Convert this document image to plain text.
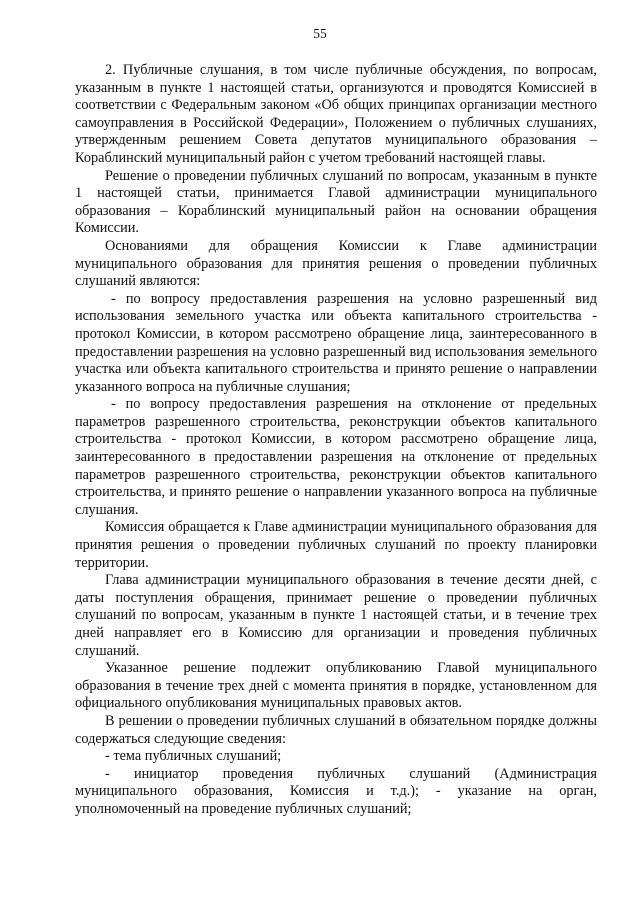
55

2. Публичные слушания, в том числе публичные обсуждения, по вопросам, указанным в пункте 1 настоящей статьи, организуются и проводятся Комиссией в соответствии с Федеральным законом «Об общих принципах организации местного самоуправления в Российской Федерации», Положением о публичных слушаниях, утвержденным решением Совета депутатов муниципального образования – Кораблинский муниципальный район с учетом требований настоящей главы.

Решение о проведении публичных слушаний по вопросам, указанным в пункте 1 настоящей статьи, принимается Главой администрации муниципального образования – Кораблинский муниципальный район на основании обращения Комиссии.

Основаниями для обращения Комиссии к Главе администрации муниципального образования для принятия решения о проведении публичных слушаний являются:

- по вопросу предоставления разрешения на условно разрешенный вид использования земельного участка или объекта капитального строительства - протокол Комиссии, в котором рассмотрено обращение лица, заинтересованного в предоставлении разрешения на условно разрешенный вид использования земельного участка или объекта капитального строительства и принято решение о направлении указанного вопроса на публичные слушания;

- по вопросу предоставления разрешения на отклонение от предельных параметров разрешенного строительства, реконструкции объектов капитального строительства - протокол Комиссии, в котором рассмотрено обращение лица, заинтересованного в предоставлении разрешения на отклонение от предельных параметров разрешенного строительства, реконструкции объектов капитального строительства, и принято решение о направлении указанного вопроса на публичные слушания.

Комиссия обращается к Главе администрации муниципального образования для принятия решения о проведении публичных слушаний по проекту планировки территории.

Глава администрации муниципального образования в течение десяти дней, с даты поступления обращения, принимает решение о проведении публичных слушаний по вопросам, указанным в пункте 1 настоящей статьи, и в течение трех дней направляет его в Комиссию для организации и проведения публичных слушаний.

Указанное решение подлежит опубликованию Главой муниципального образования в течение трех дней с момента принятия в порядке, установленном для официального опубликования муниципальных правовых актов.

В решении о проведении публичных слушаний в обязательном порядке должны содержаться следующие сведения:

- тема публичных слушаний;

- инициатор проведения публичных слушаний (Администрация муниципального образования, Комиссия и т.д.); - указание на орган, уполномоченный на проведение публичных слушаний;
